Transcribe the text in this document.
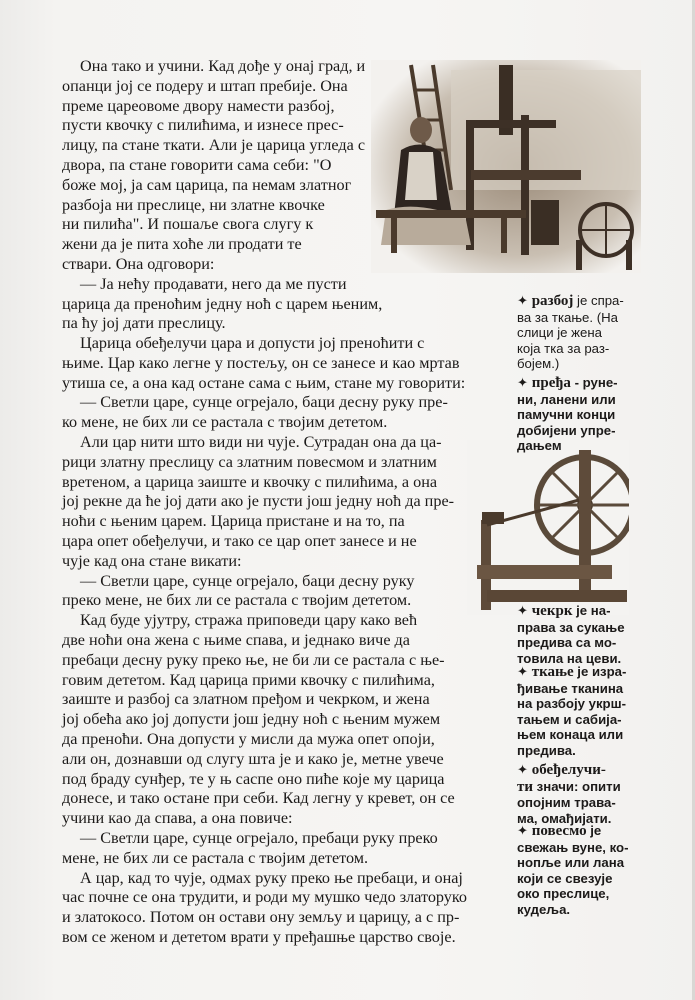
Она тако и учини. Кад дође у онај град, и
опанци јој се подеру и штап пребије. Она
преме цареовоме двору намести разбој,
пусти квочку с пилићима, и изнесе прес-
лицу, па стане ткати. Али је царица угледа с
двора, па стане говорити сама себи: "О
боже мој, ја сам царица, па немам златног
разбоја ни преслице, ни златне квочке
ни пилића". И пошаље свога слугу к
жени да је пита хоће ли продати те
ствари. Она одговори:
— Ја нећу продавати, него да ме пусти
царица да преноћим једну ноћ с царем њеним,
па ћу јој дати преслицу.

Царица обеђелучи цара и допусти јој преноћити с
њиме. Цар како легне у постељу, он се занесе и као мртав
утиша се, а она кад остане сама с њим, стане му говорити:
— Светли царе, сунце огрејало, баци десну руку пре-
ко мене, не бих ли се растала с твојим дететом.
Али цар нити што види ни чује. Сутрадан она да ца-
рици златну преслицу са златним повесмом и златним
вретеном, а царица заиште и квочку с пилићима, а она
јој рекне да ће јој дати ако је пусти још једну ноћ да пре-
ноћи с њеним царем. Царица пристане и на то, па
цара опет обеђелучи, и тако се цар опет занесе и не
чује кад она стане викати:
— Светли царе, сунце огрејало, баци десну руку
преко мене, не бих ли се растала с твојим дететом.
Кад буде ујутру, стража приповеди цару како већ
две ноћи она жена с њиме спава, и једнако виче да
пребаци десну руку преко ње, не би ли се растала с ње-
говим дететом. Кад царица прими квочку с пилићима,
заиште и разбој са златном пређом и чекрком, и жена
јој обећа ако јој допусти још једну ноћ с њеним мужем
да преноћи. Она допусти у мисли да мужа опет опоји,
али он, дознавши од слугу шта је и како је, метне увече
под браду сунђер, те у њ саспе оно пиће које му царица
донесе, и тако остане при себи. Кад легну у кревет, он се
учини као да спава, а она повиче:
— Светли царе, сунце огрејало, пребаци руку преко
мене, не бих ли се растала с твојим дететом.
А цар, кад то чује, одмах руку преко ње пребаци, и онај
час почне се она трудити, и роди му мушко чедо златоруко
и златокосо. Потом он остави ону земљу и царицу, а с пр-
вом се женом и дететом врати у пређашње царство своје.

✦ разбој је спра-
ва за ткање. (На
слици је жена
која тка за раз-
бојем.)
✦ пређа - руне-
ни, ланени или
памучни конци
добијени упре-
дањем
✦ чекрк је на-
права за сукање
предива са мо-
товила на цеви.
✦ ткање је изра-
ђивање тканина
на разбоју укрш-
тањем и сабија-
њем конаца или
предива.
✦ обеђелучи-
ти значи: опити
опојним трава-
ма, омађијати.
✦ повесмо је
свежањ вуне, ко-
нопље или лана
који се свезује
око преслице,
кудеља.
